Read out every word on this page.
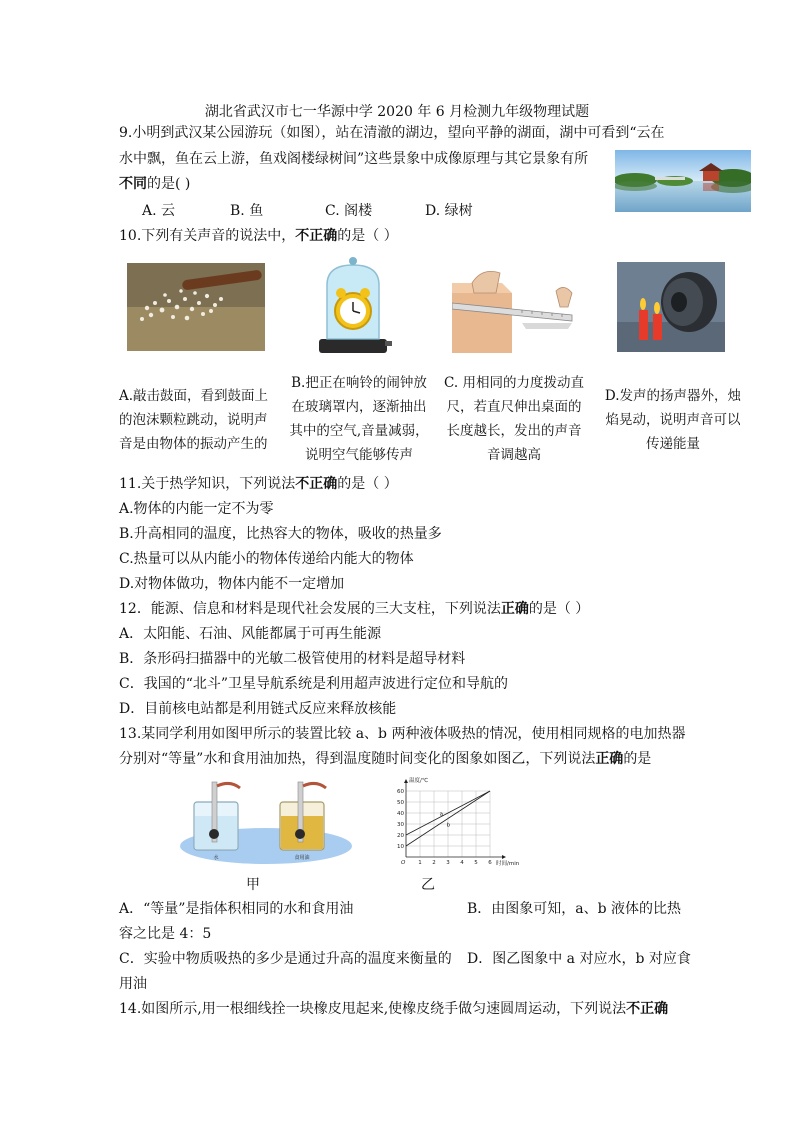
湖北省武汉市七一华源中学 2020 年 6 月检测九年级物理试题
9.小明到武汉某公园游玩（如图），站在清澈的湖边，望向平静的湖面，湖中可看到“云在
水中飘，鱼在云上游，鱼戏阁楼绿树间”这些景象中成像原理与其它景象有所
不同的是( )
A. 云	B. 鱼	C. 阁楼	D. 绿树
10.下列有关声音的说法中，不正确的是（ ）
A.敲击鼓面，看到鼓面上
的泡沫颗粒跳动，说明声
音是由物体的振动产生的
B.把正在响铃的闹钟放
在玻璃罩内，逐渐抽出
其中的空气,音量减弱，
说明空气能够传声
C. 用相同的力度拨动直
尺，若直尺伸出桌面的
长度越长，发出的声音
音调越高
D.发声的扬声器外，烛
焰晃动，说明声音可以
传递能量
11.关于热学知识，下列说法不正确的是（ ）
A.物体的内能一定不为零
B.升高相同的温度，比热容大的物体，吸收的热量多
C.热量可以从内能小的物体传递给内能大的物体
D.对物体做功，物体内能不一定增加
12．能源、信息和材料是现代社会发展的三大支柱，下列说法正确的是（ ）
A．太阳能、石油、风能都属于可再生能源
B．条形码扫描器中的光敏二极管使用的材料是超导材料
C．我国的“北斗”卫星导航系统是利用超声波进行定位和导航的
D．目前核电站都是利用链式反应来释放核能
13.某同学利用如图甲所示的装置比较 a、b 两种液体吸热的情况，使用相同规格的电加热器
分别对“等量”水和食用油加热，得到温度随时间变化的图象如图乙，下列说法正确的是
水	食用油
甲
a
b
10
20
30
40
50
60
1 2 3 4 5 6
O
温度/℃
时间/min
乙
A．“等量”是指体积相同的水和食用油	B．由图象可知，a、b 液体的比热
容之比是 4：5
C．实验中物质吸热的多少是通过升高的温度来衡量的 D．图乙图象中 a 对应水，b 对应食
用油
14.如图所示,用一根细线拴一块橡皮甩起来,使橡皮绕手做匀速圆周运动，下列说法不正确
